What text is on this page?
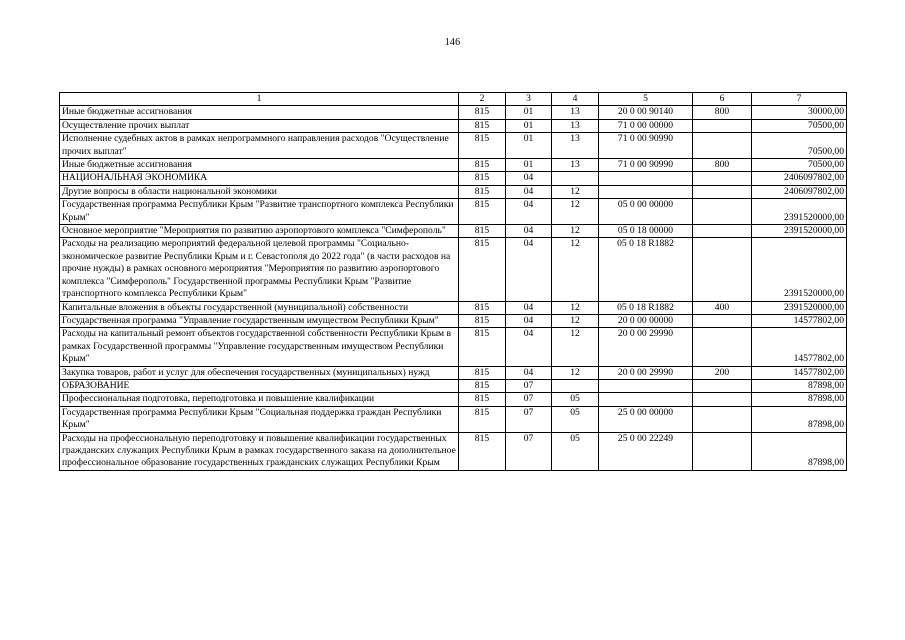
146
1	2	3	4	5	6	7
Иные бюджетные ассигнования	815	01	13	20 0 00 90140	800	30000,00
Осуществление прочих выплат	815	01	13	71 0 00 00000		70500,00
Исполнение судебных актов в рамках непрограммного направления расходов "Осуществление прочих выплат"	815	01	13	71 0 00 90990		70500,00
Иные бюджетные ассигнования	815	01	13	71 0 00 90990	800	70500,00
НАЦИОНАЛЬНАЯ ЭКОНОМИКА	815	04				2406097802,00
Другие вопросы в области национальной экономики	815	04	12			2406097802,00
Государственная программа Республики Крым "Развитие транспортного комплекса Республики Крым"	815	04	12	05 0 00 00000		2391520000,00
Основное мероприятие "Мероприятия по развитию аэропортового комплекса "Симферополь"	815	04	12	05 0 18 00000		2391520000,00
Расходы на реализацию мероприятий федеральной целевой программы "Социально-экономическое развитие Республики Крым и г. Севастополя до 2022 года" (в части расходов на прочие нужды) в рамках основного мероприятия "Мероприятия по развитию аэропортового комплекса "Симферополь" Государственной программы Республики Крым "Развитие транспортного комплекса Республики Крым"	815	04	12	05 0 18 R1882		2391520000,00
Капитальные вложения в объекты государственной (муниципальной) собственности	815	04	12	05 0 18 R1882	400	2391520000,00
Государственная программа "Управление государственным имуществом Республики Крым"	815	04	12	20 0 00 00000		14577802,00
Расходы на капитальный ремонт объектов государственной собственности Республики Крым в рамках Государственной программы "Управление государственным имуществом Республики Крым"	815	04	12	20 0 00 29990		14577802,00
Закупка товаров, работ и услуг для обеспечения государственных (муниципальных) нужд	815	04	12	20 0 00 29990	200	14577802,00
ОБРАЗОВАНИЕ	815	07				87898,00
Профессиональная подготовка, переподготовка и повышение квалификации	815	07	05			87898,00
Государственная программа Республики Крым "Социальная поддержка граждан Республики Крым"	815	07	05	25 0 00 00000		87898,00
Расходы на профессиональную переподготовку и повышение квалификации государственных гражданских служащих Республики Крым в рамках государственного заказа на дополнительное профессиональное образование государственных гражданских служащих Республики Крым	815	07	05	25 0 00 22249		87898,00
